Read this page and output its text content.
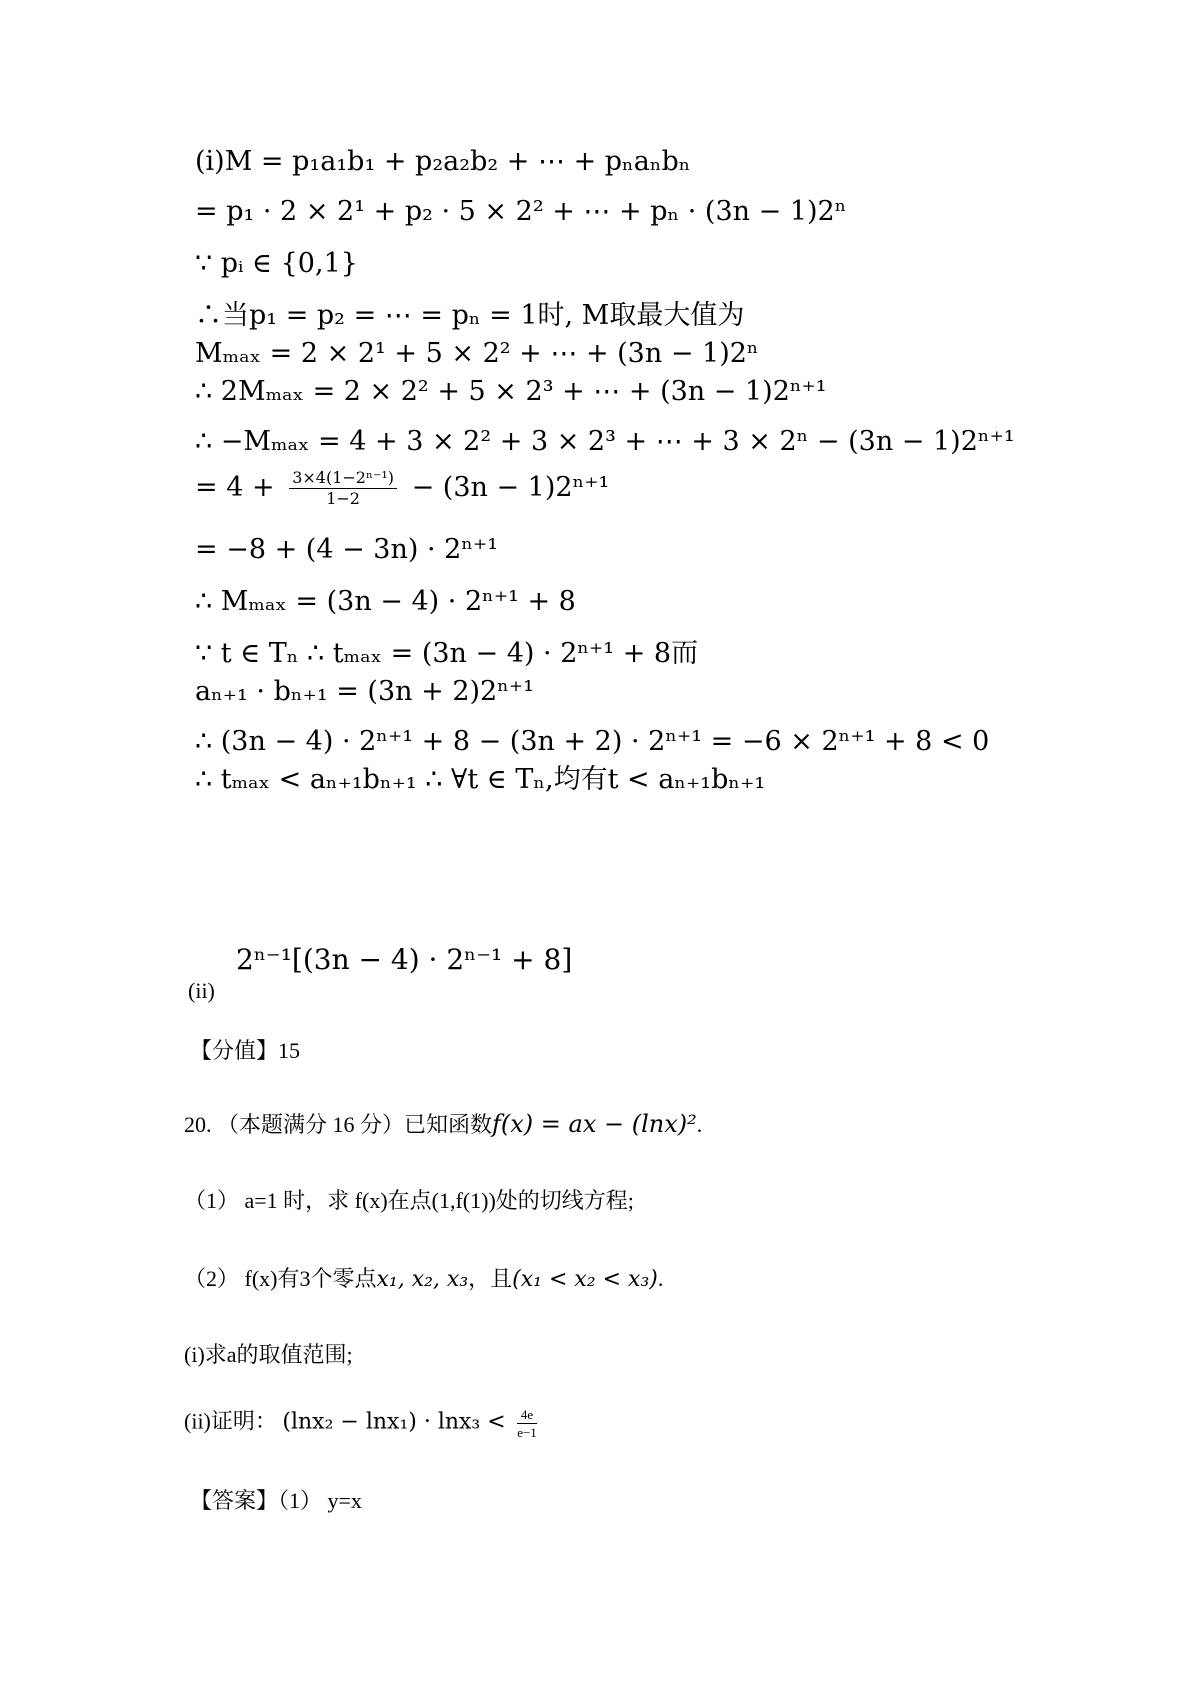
(i)M = p₁a₁b₁ + p₂a₂b₂ + ⋯ + pₙaₙbₙ
= p₁ · 2 × 2¹ + p₂ · 5 × 2² + ⋯ + pₙ · (3n − 1)2ⁿ
∵ pᵢ ∈ {0,1}
∴当p₁ = p₂ = ⋯ = pₙ = 1时, M取最大值为
Mₘₐₓ = 2 × 2¹ + 5 × 2² + ⋯ + (3n − 1)2ⁿ
∴ 2Mₘₐₓ = 2 × 2² + 5 × 2³ + ⋯ + (3n − 1)2ⁿ⁺¹
∴ −Mₘₐₓ = 4 + 3 × 2² + 3 × 2³ + ⋯ + 3 × 2ⁿ − (3n − 1)2ⁿ⁺¹
= $4 + \frac{\text{3×4(1−2ⁿ⁻¹)}}{1-2} - (3n - 1)2^{n+1}$
= −8 + (4 − 3n) · 2ⁿ⁺¹
∴ Mₘₐₓ = (3n − 4) · 2ⁿ⁺¹ + 8
∵ t ∈ Tₙ ∴ tₘₐₓ = (3n − 4) · 2ⁿ⁺¹ + 8而
aₙ₊₁ · bₙ₊₁ = (3n + 2)2ⁿ⁺¹
∴ (3n − 4) · 2ⁿ⁺¹ + 8 − (3n + 2) · 2ⁿ⁺¹ = −6 × 2ⁿ⁺¹ + 8 < 0
∴ tₘₐₓ < aₙ₊₁bₙ₊₁ ∴ ∀t ∈ Tₙ,均有t < aₙ₊₁bₙ₊₁
(ii)
2ⁿ⁻¹[(3n − 4) · 2ⁿ⁻¹ + 8]
【分值】15
20. （本题满分 16 分）已知函数f(x) = ax − (lnx)².
（1） a=1 时，求 f(x)在点(1,f(1))处的切线方程;
（2） f(x)有3个零点x₁, x₂, x₃，且(x₁ < x₂ < x₃).
(i)求a的取值范围;
(ii)证明： $(\ln x_2 - \ln x_1) \cdot \ln x_3 < \frac{4e}{e-1}$
【答案】（1） y=x
